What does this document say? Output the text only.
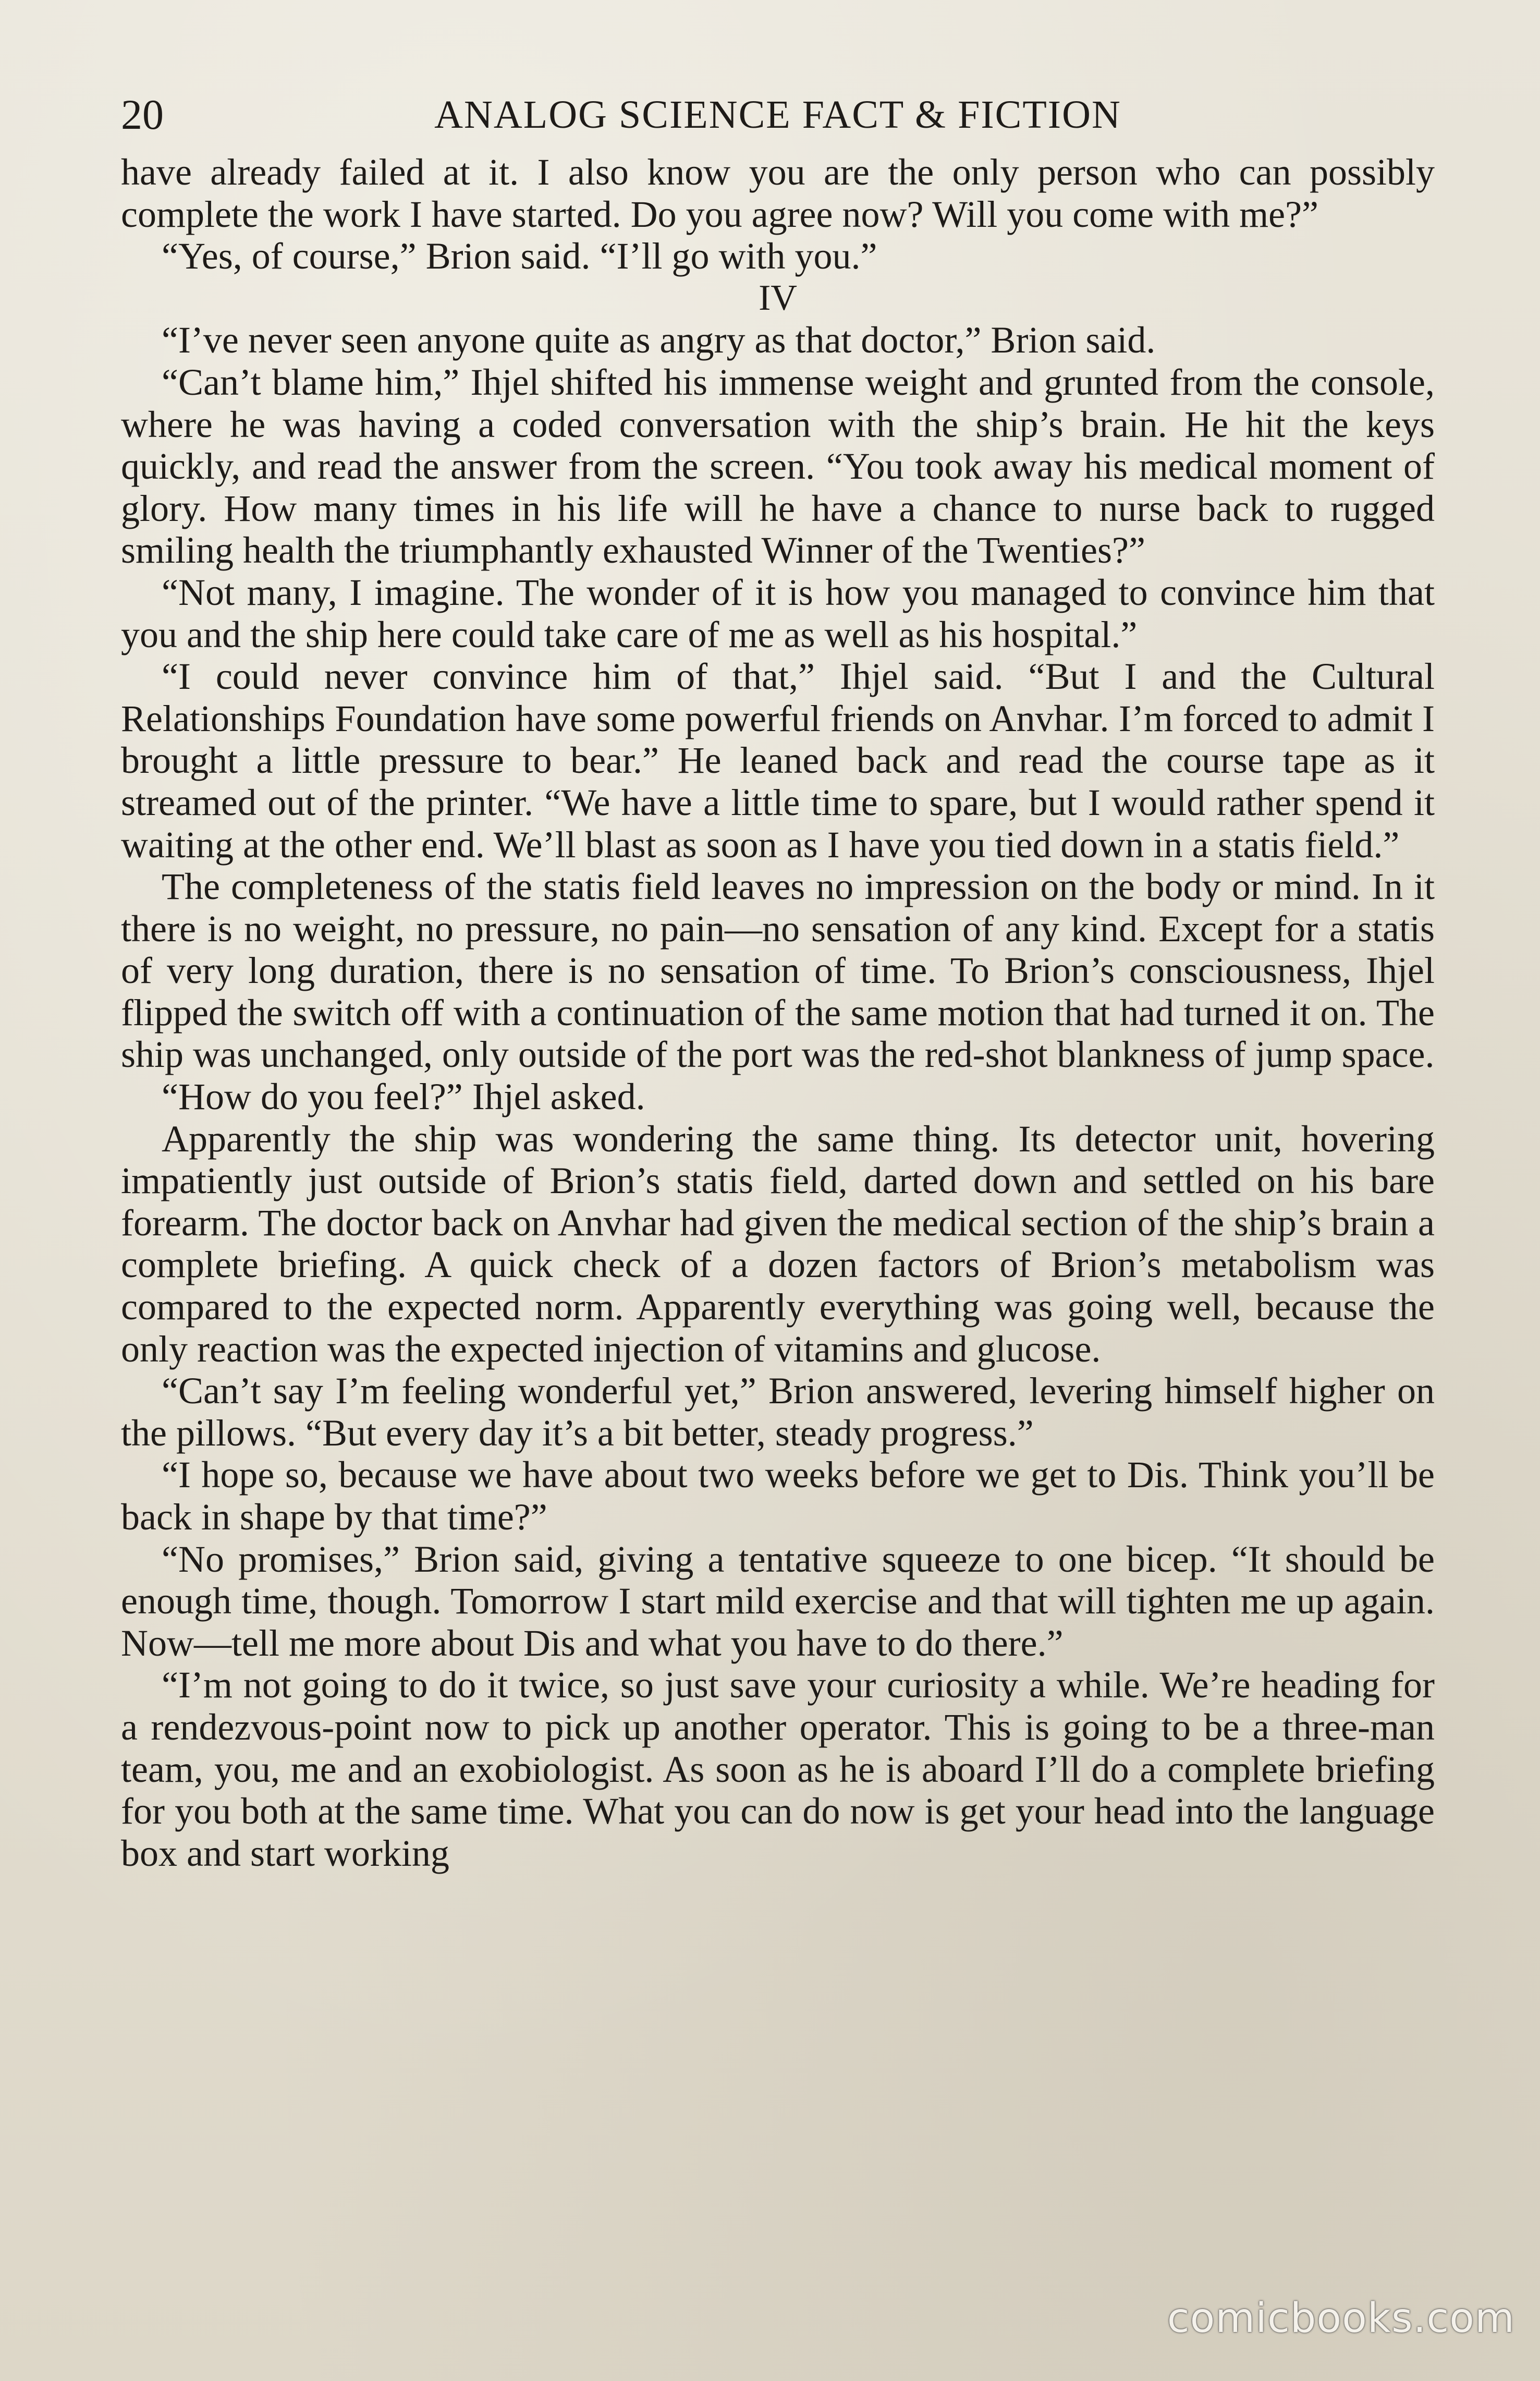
ANALOG SCIENCE FACT & FICTION
20

have already failed at it. I also know you are the only person who can possibly complete the work I have started. Do you agree now? Will you come with me?”

“Yes, of course,” Brion said. “I’ll go with you.”

IV

“I’ve never seen anyone quite as angry as that doctor,” Brion said.

“Can’t blame him,” Ihjel shifted his immense weight and grunted from the console, where he was having a coded conversation with the ship’s brain. He hit the keys quickly, and read the answer from the screen. “You took away his medical moment of glory. How many times in his life will he have a chance to nurse back to rugged smiling health the triumphantly exhausted Winner of the Twenties?”

“Not many, I imagine. The wonder of it is how you managed to convince him that you and the ship here could take care of me as well as his hospital.”

“I could never convince him of that,” Ihjel said. “But I and the Cultural Relationships Foundation have some powerful friends on Anvhar. I’m forced to admit I brought a little pressure to bear.” He leaned back and read the course tape as it streamed out of the printer. “We have a little time to spare, but I would rather spend it waiting at the other end. We’ll blast as soon as I have you tied down in a statis field.”

The completeness of the statis field leaves no impression on the body or mind. In it there is no weight, no pressure, no pain—no sensation of any kind. Except for a statis of very long duration, there is no sensation of time. To Brion’s consciousness, Ihjel flipped the switch off with a continuation of the same motion that had turned it on. The ship was unchanged, only outside of the port was the red-shot blankness of jump space.

“How do you feel?” Ihjel asked.

Apparently the ship was wondering the same thing. Its detector unit, hovering impatiently just outside of Brion’s statis field, darted down and settled on his bare forearm. The doctor back on Anvhar had given the medical section of the ship’s brain a complete briefing. A quick check of a dozen factors of Brion’s metabolism was compared to the expected norm. Apparently everything was going well, because the only reaction was the expected injection of vitamins and glucose.

“Can’t say I’m feeling wonderful yet,” Brion answered, levering himself higher on the pillows. “But every day it’s a bit better, steady progress.”

“I hope so, because we have about two weeks before we get to Dis. Think you’ll be back in shape by that time?”

“No promises,” Brion said, giving a tentative squeeze to one bicep. “It should be enough time, though. Tomorrow I start mild exercise and that will tighten me up again. Now—tell me more about Dis and what you have to do there.”

“I’m not going to do it twice, so just save your curiosity a while. We’re heading for a rendezvous-point now to pick up another operator. This is going to be a three-man team, you, me and an exobiologist. As soon as he is aboard I’ll do a complete briefing for you both at the same time. What you can do now is get your head into the language box and start working

comicbooks.com
